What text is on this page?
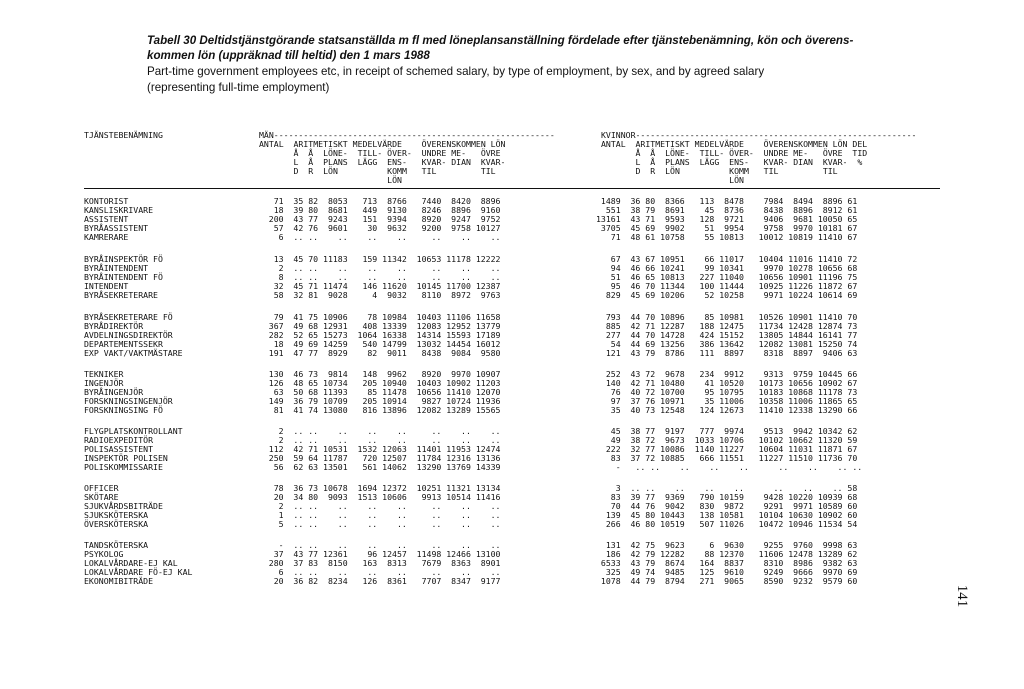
Tabell 30 Deltidstjänstgörande statsanställda m fl med löneplansanställning fördelade efter tjänstebenämning, kön och överens-
kommen lön (uppräknad till heltid) den 1 mars 1988
Part-time government employees etc, in receipt of schemed salary, by type of employment, by sex, and by agreed salary
(representing full-time employment)
TJÄNSTEBENÄMNING	MÄN---------------------------------------------------------	KVINNOR---------------------------------------------------------
ANTAL  ARITMETISKT MEDELVÄRDE    ÖVERENSKOMMEN LÖN
Å  Å  LÖNE-  TILL- ÖVER-  UNDRE ME-   ÖVRE
L  Å  PLANS  LÄGG  ENS-   KVAR- DIAN  KVAR-
D  R  LÖN          KOMM   TIL         TIL
LÖN
ANTAL  ARITMETISKT MEDELVÄRDE    ÖVERENSKOMMEN LÖN DEL
Å  Å  LÖNE-  TILL- ÖVER-  UNDRE ME-   ÖVRE  TID
L  Å  PLANS  LÄGG  ENS-   KVAR- DIAN  KVAR-  %
D  R  LÖN          KOMM   TIL         TIL
LÖN
KONTORIST	71  35 82  8053   713  8766   7440  8420  8896	1489  36 80  8366   113  8478    7984  8494  8896 61
KANSLISKRIVARE	18  39 80  8681   449  9130   8246  8896  9160	551  38 79  8691    45  8736    8438  8896  8912 61
ASSISTENT	200  43 77  9243   151  9394   8920  9247  9752	13161  43 71  9593   128  9721    9406  9681 10050 65
BYRÅASSISTENT	57  42 76  9601    30  9632   9200  9758 10127	3705  45 69  9902    51  9954    9758  9970 10181 67
KAMRERARE	6  .. ..    ..    ..    ..     ..    ..    ..	71  48 61 10758    55 10813   10012 10819 11410 67
BYRÅINSPEKTÖR FÖ	13  45 70 11183   159 11342  10653 11178 12222	67  43 67 10951    66 11017   10404 11016 11410 72
BYRÅINTENDENT	2  .. ..    ..    ..    ..     ..    ..    ..	94  46 66 10241    99 10341    9970 10278 10656 68
BYRÅINTENDENT FÖ	8  .. ..    ..    ..    ..     ..    ..    ..	51  46 65 10813   227 11040   10656 10901 11196 75
INTENDENT	32  45 71 11474   146 11620  10145 11700 12387	95  46 70 11344   100 11444   10925 11226 11872 67
BYRÅSEKRETERARE	58  32 81  9028     4  9032   8110  8972  9763	829  45 69 10206    52 10258    9971 10224 10614 69
BYRÅSEKRETERARE FÖ	79  41 75 10906    78 10984  10403 11106 11658	793  44 70 10896    85 10981   10526 10901 11410 70
BYRÅDIREKTÖR	367  49 68 12931   408 13339  12083 12952 13779	885  42 71 12287   188 12475   11734 12428 12874 73
AVDELNINGSDIREKTÖR	282  52 65 15273  1064 16338  14314 15593 17189	277  44 70 14728   424 15152   13805 14844 16141 77
DEPARTEMENTSSEKR	18  49 69 14259   540 14799  13032 14454 16012	54  44 69 13256   386 13642   12082 13081 15250 74
EXP VAKT/VAKTMÄSTARE	191  47 77  8929    82  9011   8438  9084  9580	121  43 79  8786   111  8897    8318  8897  9406 63
TEKNIKER	130  46 73  9814   148  9962   8920  9970 10907	252  43 72  9678   234  9912    9313  9759 10445 66
INGENJÖR	126  48 65 10734   205 10940  10403 10902 11203	140  42 71 10480    41 10520   10173 10656 10902 67
BYRÅINGENJÖR	63  50 68 11393    85 11478  10656 11410 12070	76  40 72 10700    95 10795   10183 10868 11178 73
FORSKNINGSINGENJÖR	149  36 79 10709   205 10914   9827 10724 11936	97  37 76 10971    35 11006   10358 11006 11865 65
FORSKNINGSING FÖ	81  41 74 13080   816 13896  12082 13289 15565	35  40 73 12548   124 12673   11410 12338 13290 66
FLYGPLATSKONTROLLANT	2  .. ..    ..    ..    ..     ..    ..    ..	45  38 77  9197   777  9974    9513  9942 10342 62
RADIOEXPEDITÖR	2  .. ..    ..    ..    ..     ..    ..    ..	49  38 72  9673  1033 10706   10102 10662 11320 59
POLISASSISTENT	112  42 71 10531  1532 12063  11401 11953 12474	222  32 77 10086  1140 11227   10604 11031 11871 67
INSPEKTÖR POLISEN	250  59 64 11787   720 12507  11784 12316 13136	83  37 72 10885   666 11551   11227 11510 11736 70
POLISKOMMISSARIE	56  62 63 13501   561 14062  13290 13769 14339	-   .. ..    ..    ..    ..      ..    ..    .. ..
OFFICER	78  36 73 10678  1694 12372  10251 11321 13134	3  .. ..    ..    ..    ..      ..    ..    .. 58
SKÖTARE	20  34 80  9093  1513 10606   9913 10514 11416	83  39 77  9369   790 10159    9428 10220 10939 68
SJUKVÅRDSBITRÄDE	2  .. ..    ..    ..    ..     ..    ..    ..	70  44 76  9042   830  9872    9291  9971 10589 60
SJUKSKÖTERSKA	1  .. ..    ..    ..    ..     ..    ..    ..	139  45 80 10443   138 10581   10104 10630 10902 60
ÖVERSKÖTERSKA	5  .. ..    ..    ..    ..     ..    ..    ..	266  46 80 10519   507 11026   10472 10946 11534 54
TANDSKÖTERSKA	-  .. ..    ..    ..    ..     ..    ..    ..	131  42 75  9623     6  9630    9255  9760  9998 63
PSYKOLOG	37  43 77 12361    96 12457  11498 12466 13100	186  42 79 12282    88 12370   11606 12478 13289 62
LOKALVÅRDARE-EJ KAL	280  37 83  8150   163  8313   7679  8363  8901	6533  43 79  8674   164  8837    8310  8986  9382 63
LOKALVÅRDARE FÖ-EJ KAL	6  .. ..    ..    ..    ..     ..    ..    ..	325  49 74  9485   125  9610    9249  9666  9970 69
EKONOMIBITRÄDE	20  36 82  8234   126  8361   7707  8347  9177	1078  44 79  8794   271  9065    8590  9232  9579 60
141
